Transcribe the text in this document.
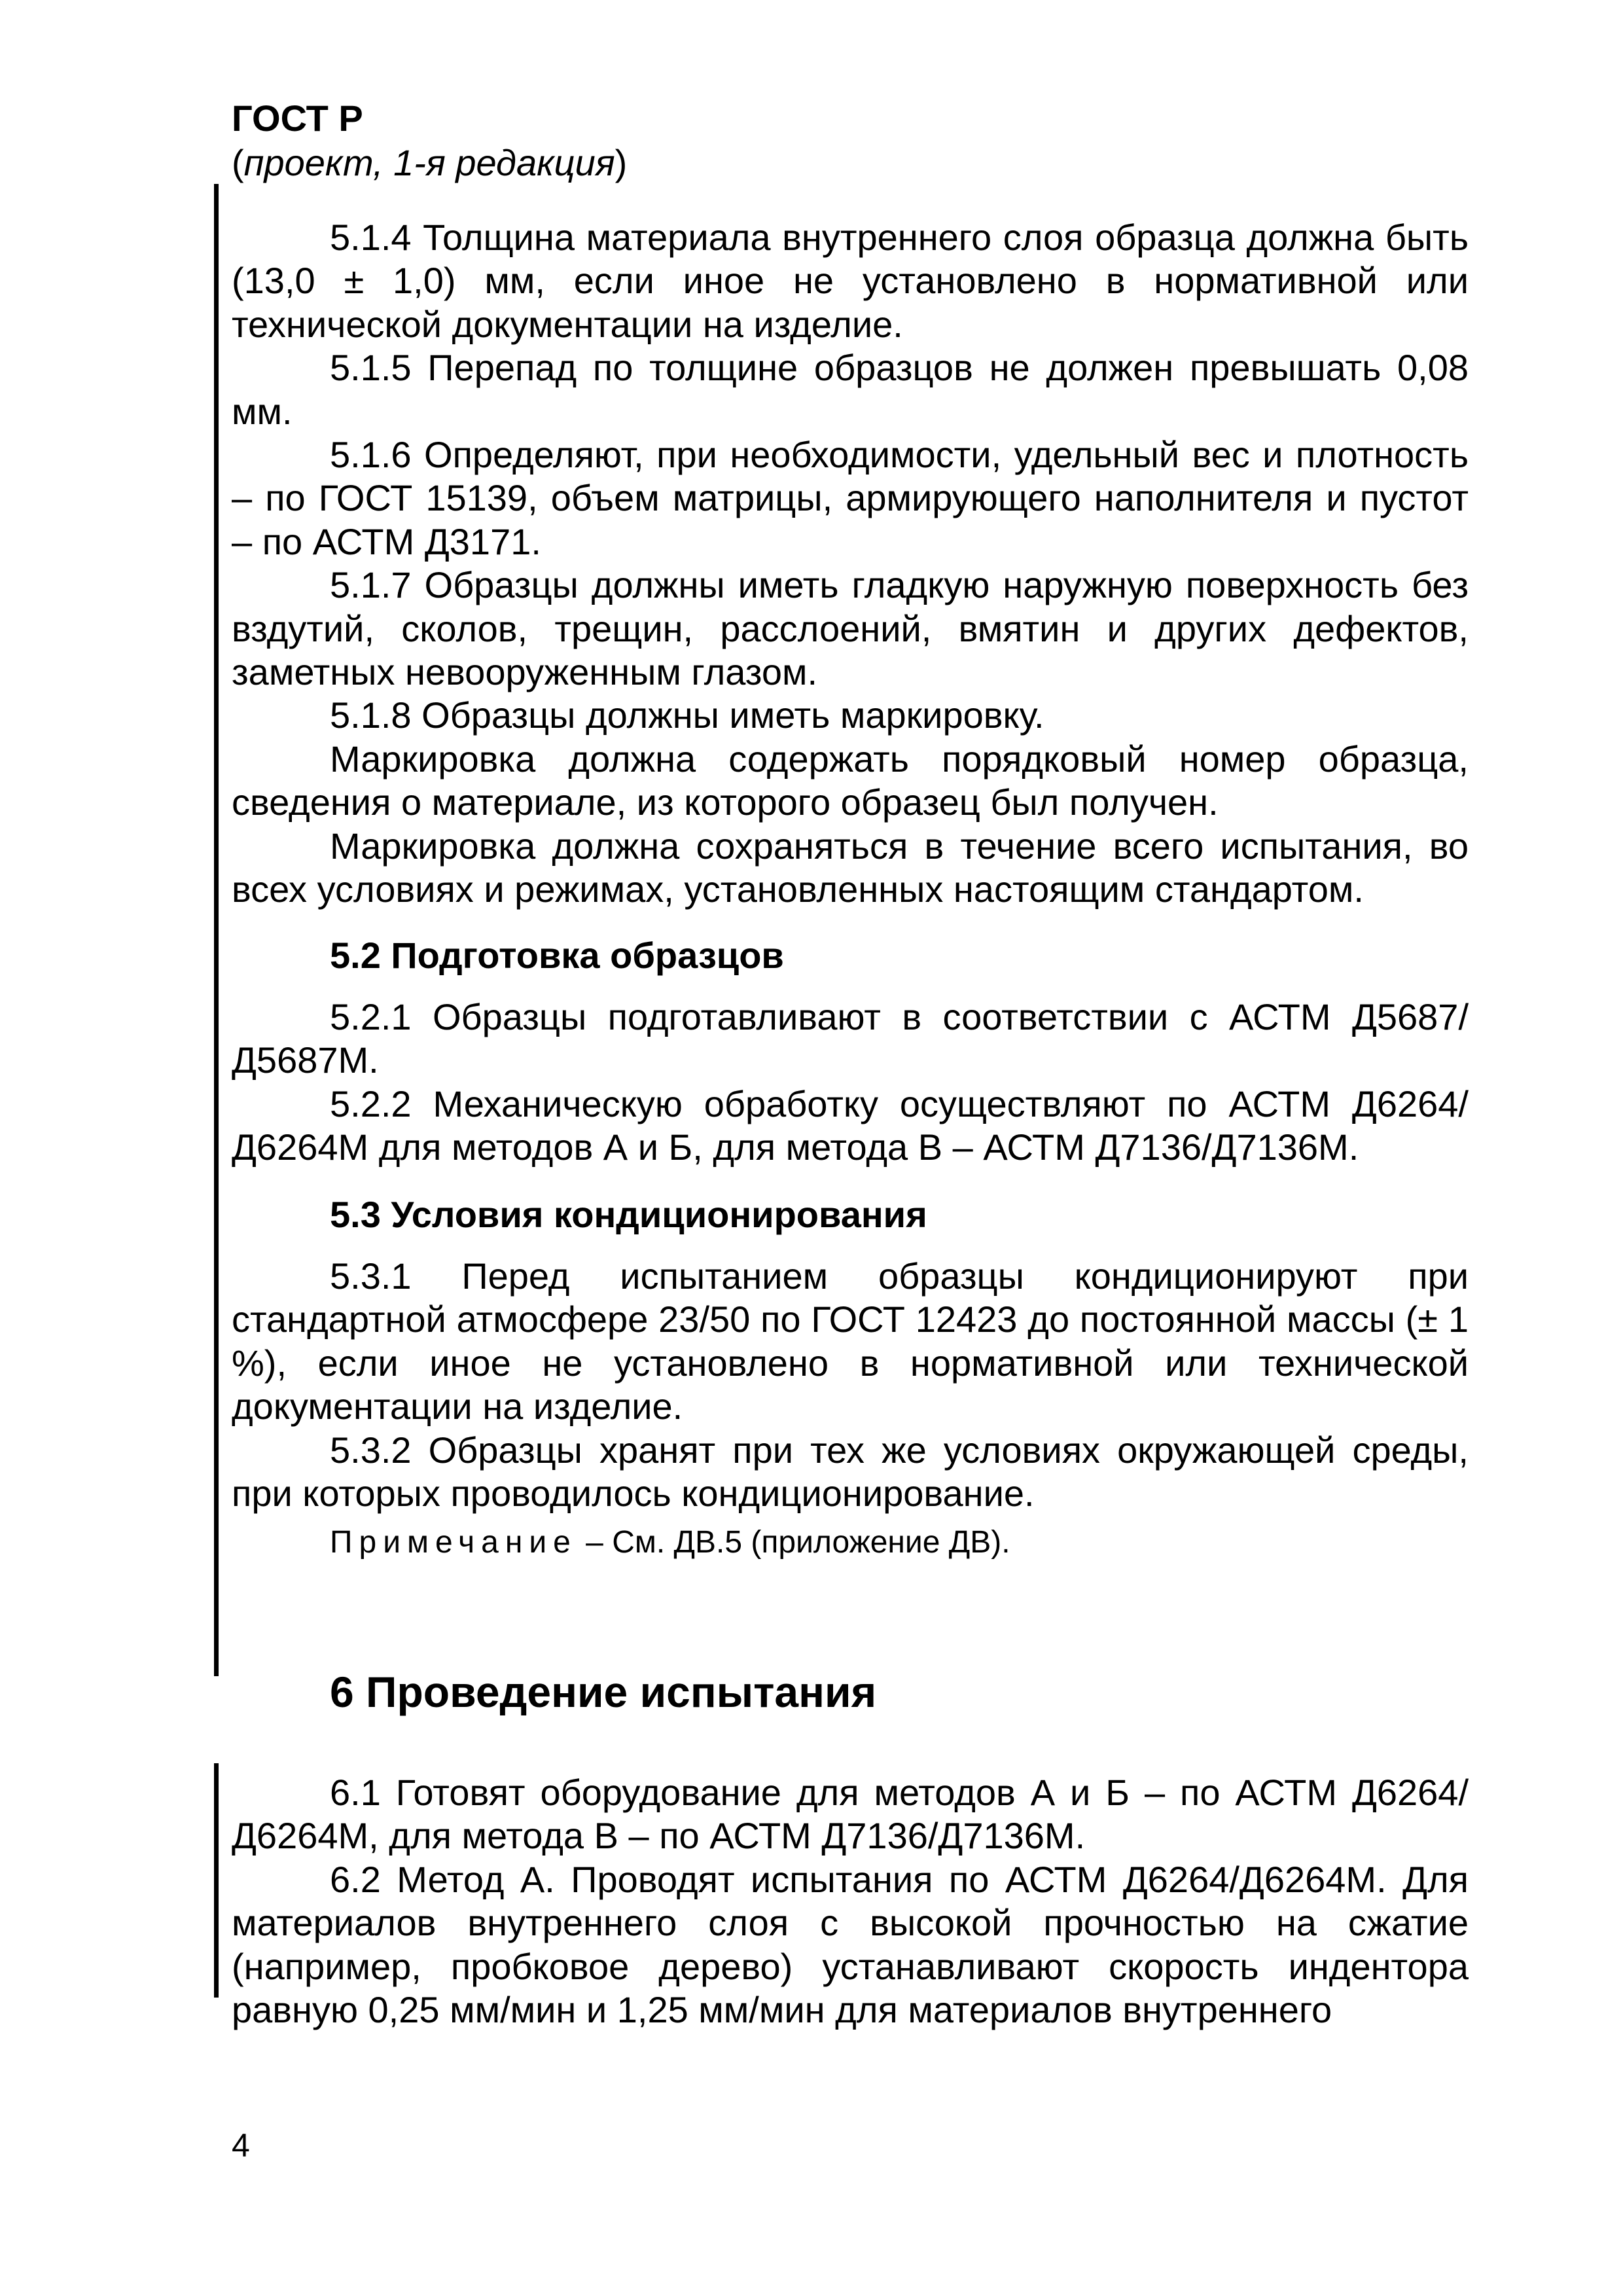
ГОСТ Р
(проект, 1-я редакция)

5.1.4 Толщина материала внутреннего слоя образца должна быть (13,0 ± 1,0) мм, если иное не установлено в нормативной или технической документации на изделие.

5.1.5 Перепад по толщине образцов не должен превышать 0,08 мм.

5.1.6 Определяют, при необходимости, удельный вес и плотность – по ГОСТ 15139, объем матрицы, армирующего наполнителя и пустот – по АСТМ Д3171.

5.1.7 Образцы должны иметь гладкую наружную поверхность без вздутий, сколов, трещин, расслоений, вмятин и других дефектов, заметных невооруженным глазом.

5.1.8 Образцы должны иметь маркировку.

Маркировка должна содержать порядковый номер образца, сведения о материале, из которого образец был получен.

Маркировка должна сохраняться в течение всего испытания, во всех условиях и режимах, установленных настоящим стандартом.

5.2 Подготовка образцов

5.2.1 Образцы подготавливают в соответствии с АСТМ Д5687/Д5687М.

5.2.2 Механическую обработку осуществляют по АСТМ Д6264/Д6264М для методов А и Б, для метода В – АСТМ Д7136/Д7136М.

5.3 Условия кондиционирования

5.3.1 Перед испытанием образцы кондиционируют при стандартной атмосфере 23/50 по ГОСТ 12423 до постоянной массы (± 1 %), если иное не установлено в нормативной или технической документации на изделие.

5.3.2 Образцы хранят при тех же условиях окружающей среды, при которых проводилось кондиционирование.

Примечание – См. ДВ.5 (приложение ДВ).

6 Проведение испытания

6.1 Готовят оборудование для методов А и Б – по АСТМ Д6264/Д6264М, для метода В – по АСТМ Д7136/Д7136М.

6.2 Метод А. Проводят испытания по АСТМ Д6264/Д6264М. Для материалов внутреннего слоя с высокой прочностью на сжатие (например, пробковое дерево) устанавливают скорость индентора равную 0,25 мм/мин и 1,25 мм/мин для материалов внутреннего

4
